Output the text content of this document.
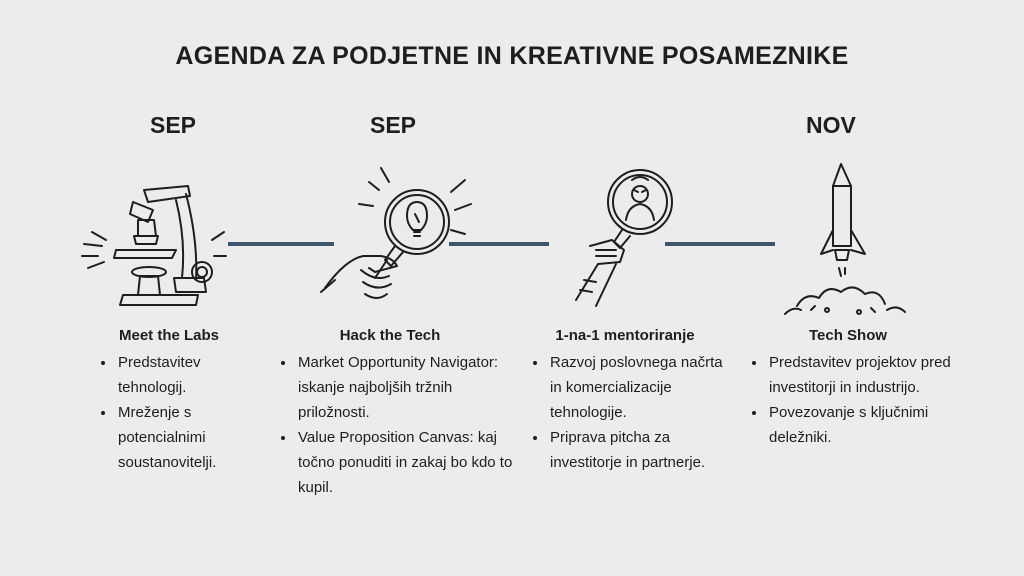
AGENDA ZA PODJETNE IN KREATIVNE POSAMEZNIKE
SEP	SEP	NOV
Meet the Labs
• Predstavitev tehnologij.
• Mreženje s potencialnimi soustanovitelji.
Hack the Tech
• Market Opportunity Navigator: iskanje najboljših tržnih priložnosti.
• Value Proposition Canvas: kaj točno ponuditi in zakaj bo kdo to kupil.
1-na-1 mentoriranje
• Razvoj poslovnega načrta in komercializacije tehnologije.
• Priprava pitcha za investitorje in partnerje.
Tech Show
• Predstavitev projektov pred investitorji in industrijo.
• Povezovanje s ključnimi deležniki.
